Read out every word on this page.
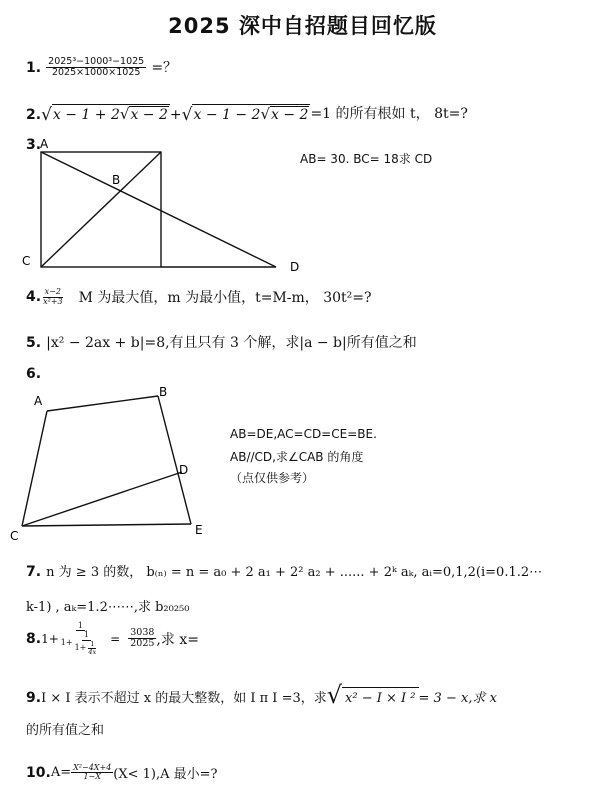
2025 深中自招题目回忆版
1. $\frac{\text{2025³−1000³−1025}}{2025\times 1000\times 1025}$ =？
2. √ x − 1 + 2√x − 2 + √ x − 1 − 2√x − 2 =1 的所有根如 t， 8t=?
3.
AB= 30. BC= 18求 CD
A
B
C	D
4. $\frac{x-2}{\text{x²+3}}$ M 为最大值，m 为最小值，t=M-m， 30t²=?
5. |x² − 2ax + b|=8,有且只有 3 个解，求|a − b|所有值之和
6.
A
B
C
D
E
AB=DE,AC=CD=CE=BE.
AB//CD,求∠CAB 的角度
（点仅供参考）
7. n 为 ≥ 3 的数， b₍ₙ₎ = n = a₀ + 2 a₁ + 2² a₂ + ...... + 2ᵏ aₖ, aᵢ=0,1,2(i=0.1.2⋯
k-1) , aₖ=1.2⋯⋯,求 b₂₀₂₅₀
8. 1+
1
$1+ \frac{1}{1+ \frac{1}{4x}} = \frac{3038}{2025}$ ,求 x=
9. I × I 表示不超过 x 的最大整数，如 I π I =3，求 √ x² − I × I ² = 3 − x,求 x
的所有值之和
10. $A= \frac{\text{X²−4X+4}}{1-X} (X< 1),A$ 最小=?
